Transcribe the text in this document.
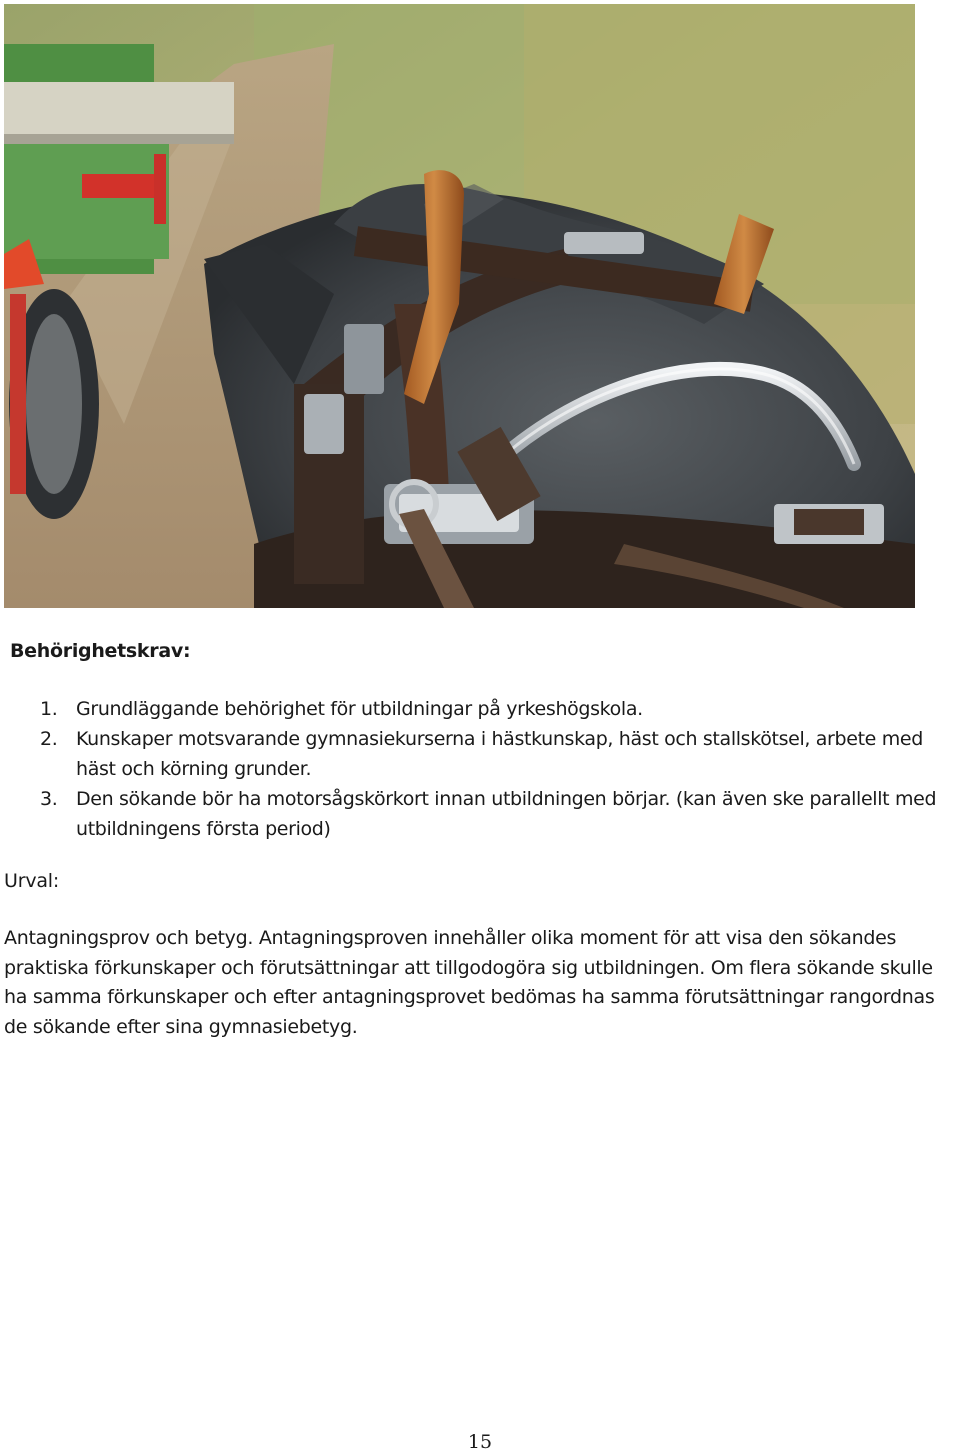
Behörighetskrav:
1. Grundläggande behörighet för utbildningar på yrkeshögskola.
2. Kunskaper motsvarande gymnasiekurserna i hästkunskap, häst och stallskötsel, arbete med häst och körning grunder.
3. Den sökande bör ha motorsågskörkort innan utbildningen börjar. (kan även ske parallellt med utbildningens första period)
Urval:

Antagningsprov och betyg. Antagningsproven innehåller olika moment för att visa den sökandes praktiska förkunskaper och förutsättningar att tillgodogöra sig utbildningen. Om flera sökande skulle ha samma förkunskaper och efter antagningsprovet bedömas ha samma förutsättningar rangordnas de sökande efter sina gymnasiebetyg.

15
